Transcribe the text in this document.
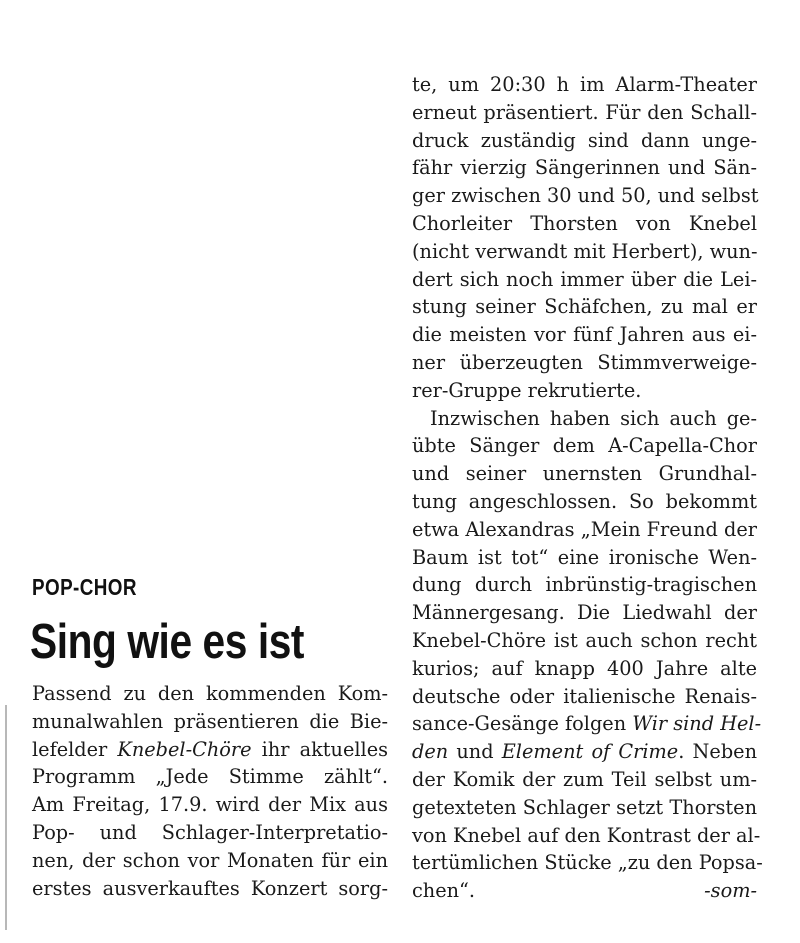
POP-CHOR
Sing wie es ist
Passend zu den kommenden Kom-
munalwahlen präsentieren die Bie-
lefelder Knebel-Chöre ihr aktuelles
Programm „Jede Stimme zählt“.
Am Freitag, 17.9. wird der Mix aus
Pop- und Schlager-Interpretatio-
nen, der schon vor Monaten für ein
erstes ausverkauftes Konzert sorg-
te, um 20:30 h im Alarm-Theater
erneut präsentiert. Für den Schall-
druck zuständig sind dann unge-
fähr vierzig Sängerinnen und Sän-
ger zwischen 30 und 50, und selbst
Chorleiter Thorsten von Knebel
(nicht verwandt mit Herbert), wun-
dert sich noch immer über die Lei-
stung seiner Schäfchen, zu mal er
die meisten vor fünf Jahren aus ei-
ner überzeugten Stimmverweige-
rer-Gruppe rekrutierte.
Inzwischen haben sich auch ge-
übte Sänger dem A-Capella-Chor
und seiner unernsten Grundhal-
tung angeschlossen. So bekommt
etwa Alexandras „Mein Freund der
Baum ist tot“ eine ironische Wen-
dung durch inbrünstig-tragischen
Männergesang. Die Liedwahl der
Knebel-Chöre ist auch schon recht
kurios; auf knapp 400 Jahre alte
deutsche oder italienische Renais-
sance-Gesänge folgen Wir sind Hel-
den und Element of Crime. Neben
der Komik der zum Teil selbst um-
getexteten Schlager setzt Thorsten
von Knebel auf den Kontrast der al-
tertümlichen Stücke „zu den Popsa-
chen“.	-som-
